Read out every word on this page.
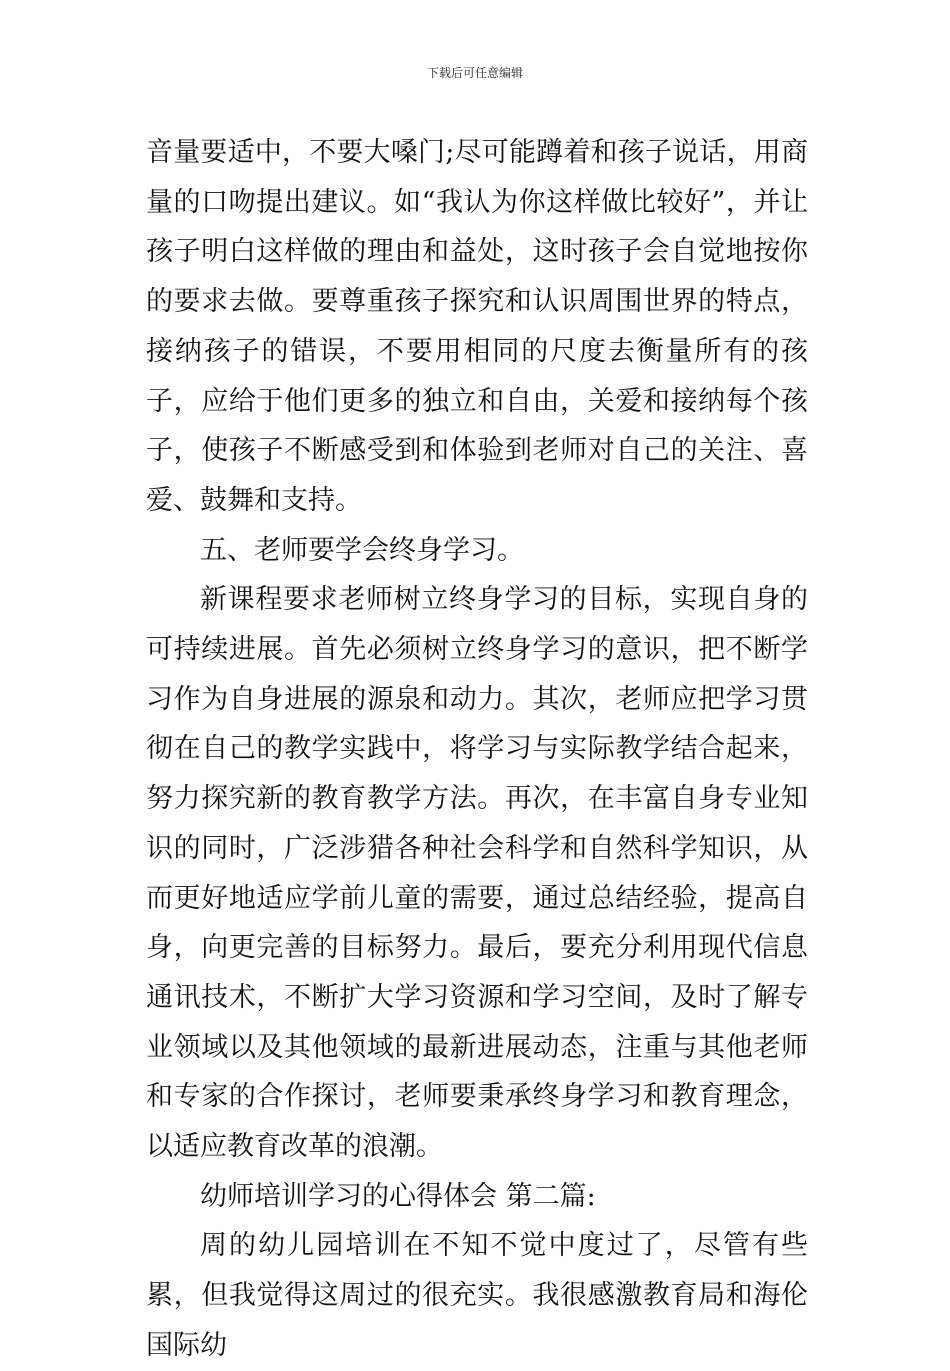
下载后可任意编辑

音量要适中，不要大嗓门;尽可能蹲着和孩子说话，用商量的口吻提出建议。如“我认为你这样做比较好”，并让孩子明白这样做的理由和益处，这时孩子会自觉地按你的要求去做。要尊重孩子探究和认识周围世界的特点，接纳孩子的错误，不要用相同的尺度去衡量所有的孩子，应给于他们更多的独立和自由，关爱和接纳每个孩子，使孩子不断感受到和体验到老师对自己的关注、喜爱、鼓舞和支持。

五、老师要学会终身学习。

新课程要求老师树立终身学习的目标，实现自身的可持续进展。首先必须树立终身学习的意识，把不断学习作为自身进展的源泉和动力。其次，老师应把学习贯彻在自己的教学实践中，将学习与实际教学结合起来，努力探究新的教育教学方法。再次，在丰富自身专业知识的同时，广泛涉猎各种社会科学和自然科学知识，从而更好地适应学前儿童的需要，通过总结经验，提高自身，向更完善的目标努力。最后，要充分利用现代信息通讯技术，不断扩大学习资源和学习空间，及时了解专业领域以及其他领域的最新进展动态，注重与其他老师和专家的合作探讨，老师要秉承终身学习和教育理念，以适应教育改革的浪潮。

幼师培训学习的心得体会 第二篇:

周的幼儿园培训在不知不觉中度过了，尽管有些累，但我觉得这周过的很充实。我很感激教育局和海伦国际幼
